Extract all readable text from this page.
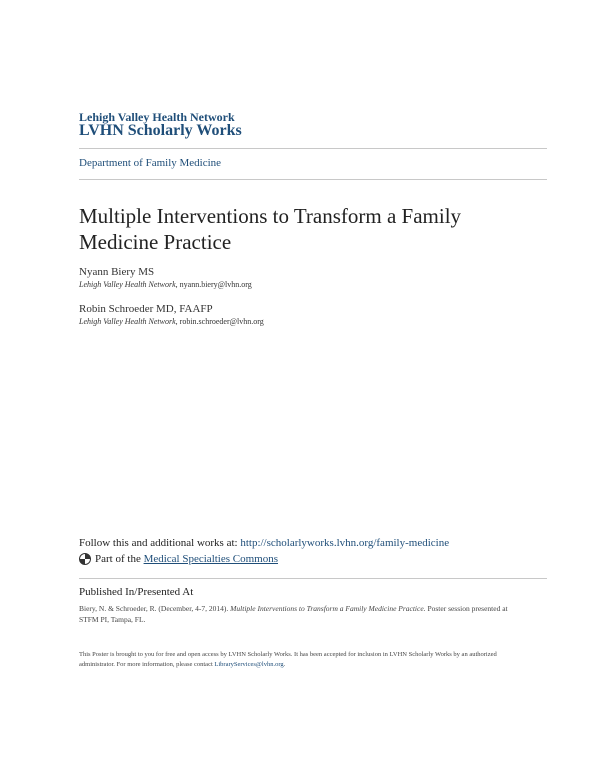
Lehigh Valley Health Network
LVHN Scholarly Works
Department of Family Medicine
Multiple Interventions to Transform a Family Medicine Practice
Nyann Biery MS
Lehigh Valley Health Network, nyann.biery@lvhn.org
Robin Schroeder MD, FAAFP
Lehigh Valley Health Network, robin.schroeder@lvhn.org
Follow this and additional works at: http://scholarlyworks.lvhn.org/family-medicine
Part of the
Medical Specialties Commons
Published In/Presented At
Biery, N. & Schroeder, R. (December, 4-7, 2014). Multiple Interventions to Transform a Family Medicine Practice. Poster session presented at STFM PI, Tampa, FL.
This Poster is brought to you for free and open access by LVHN Scholarly Works. It has been accepted for inclusion in LVHN Scholarly Works by an authorized administrator. For more information, please contact LibraryServices@lvhn.org.
